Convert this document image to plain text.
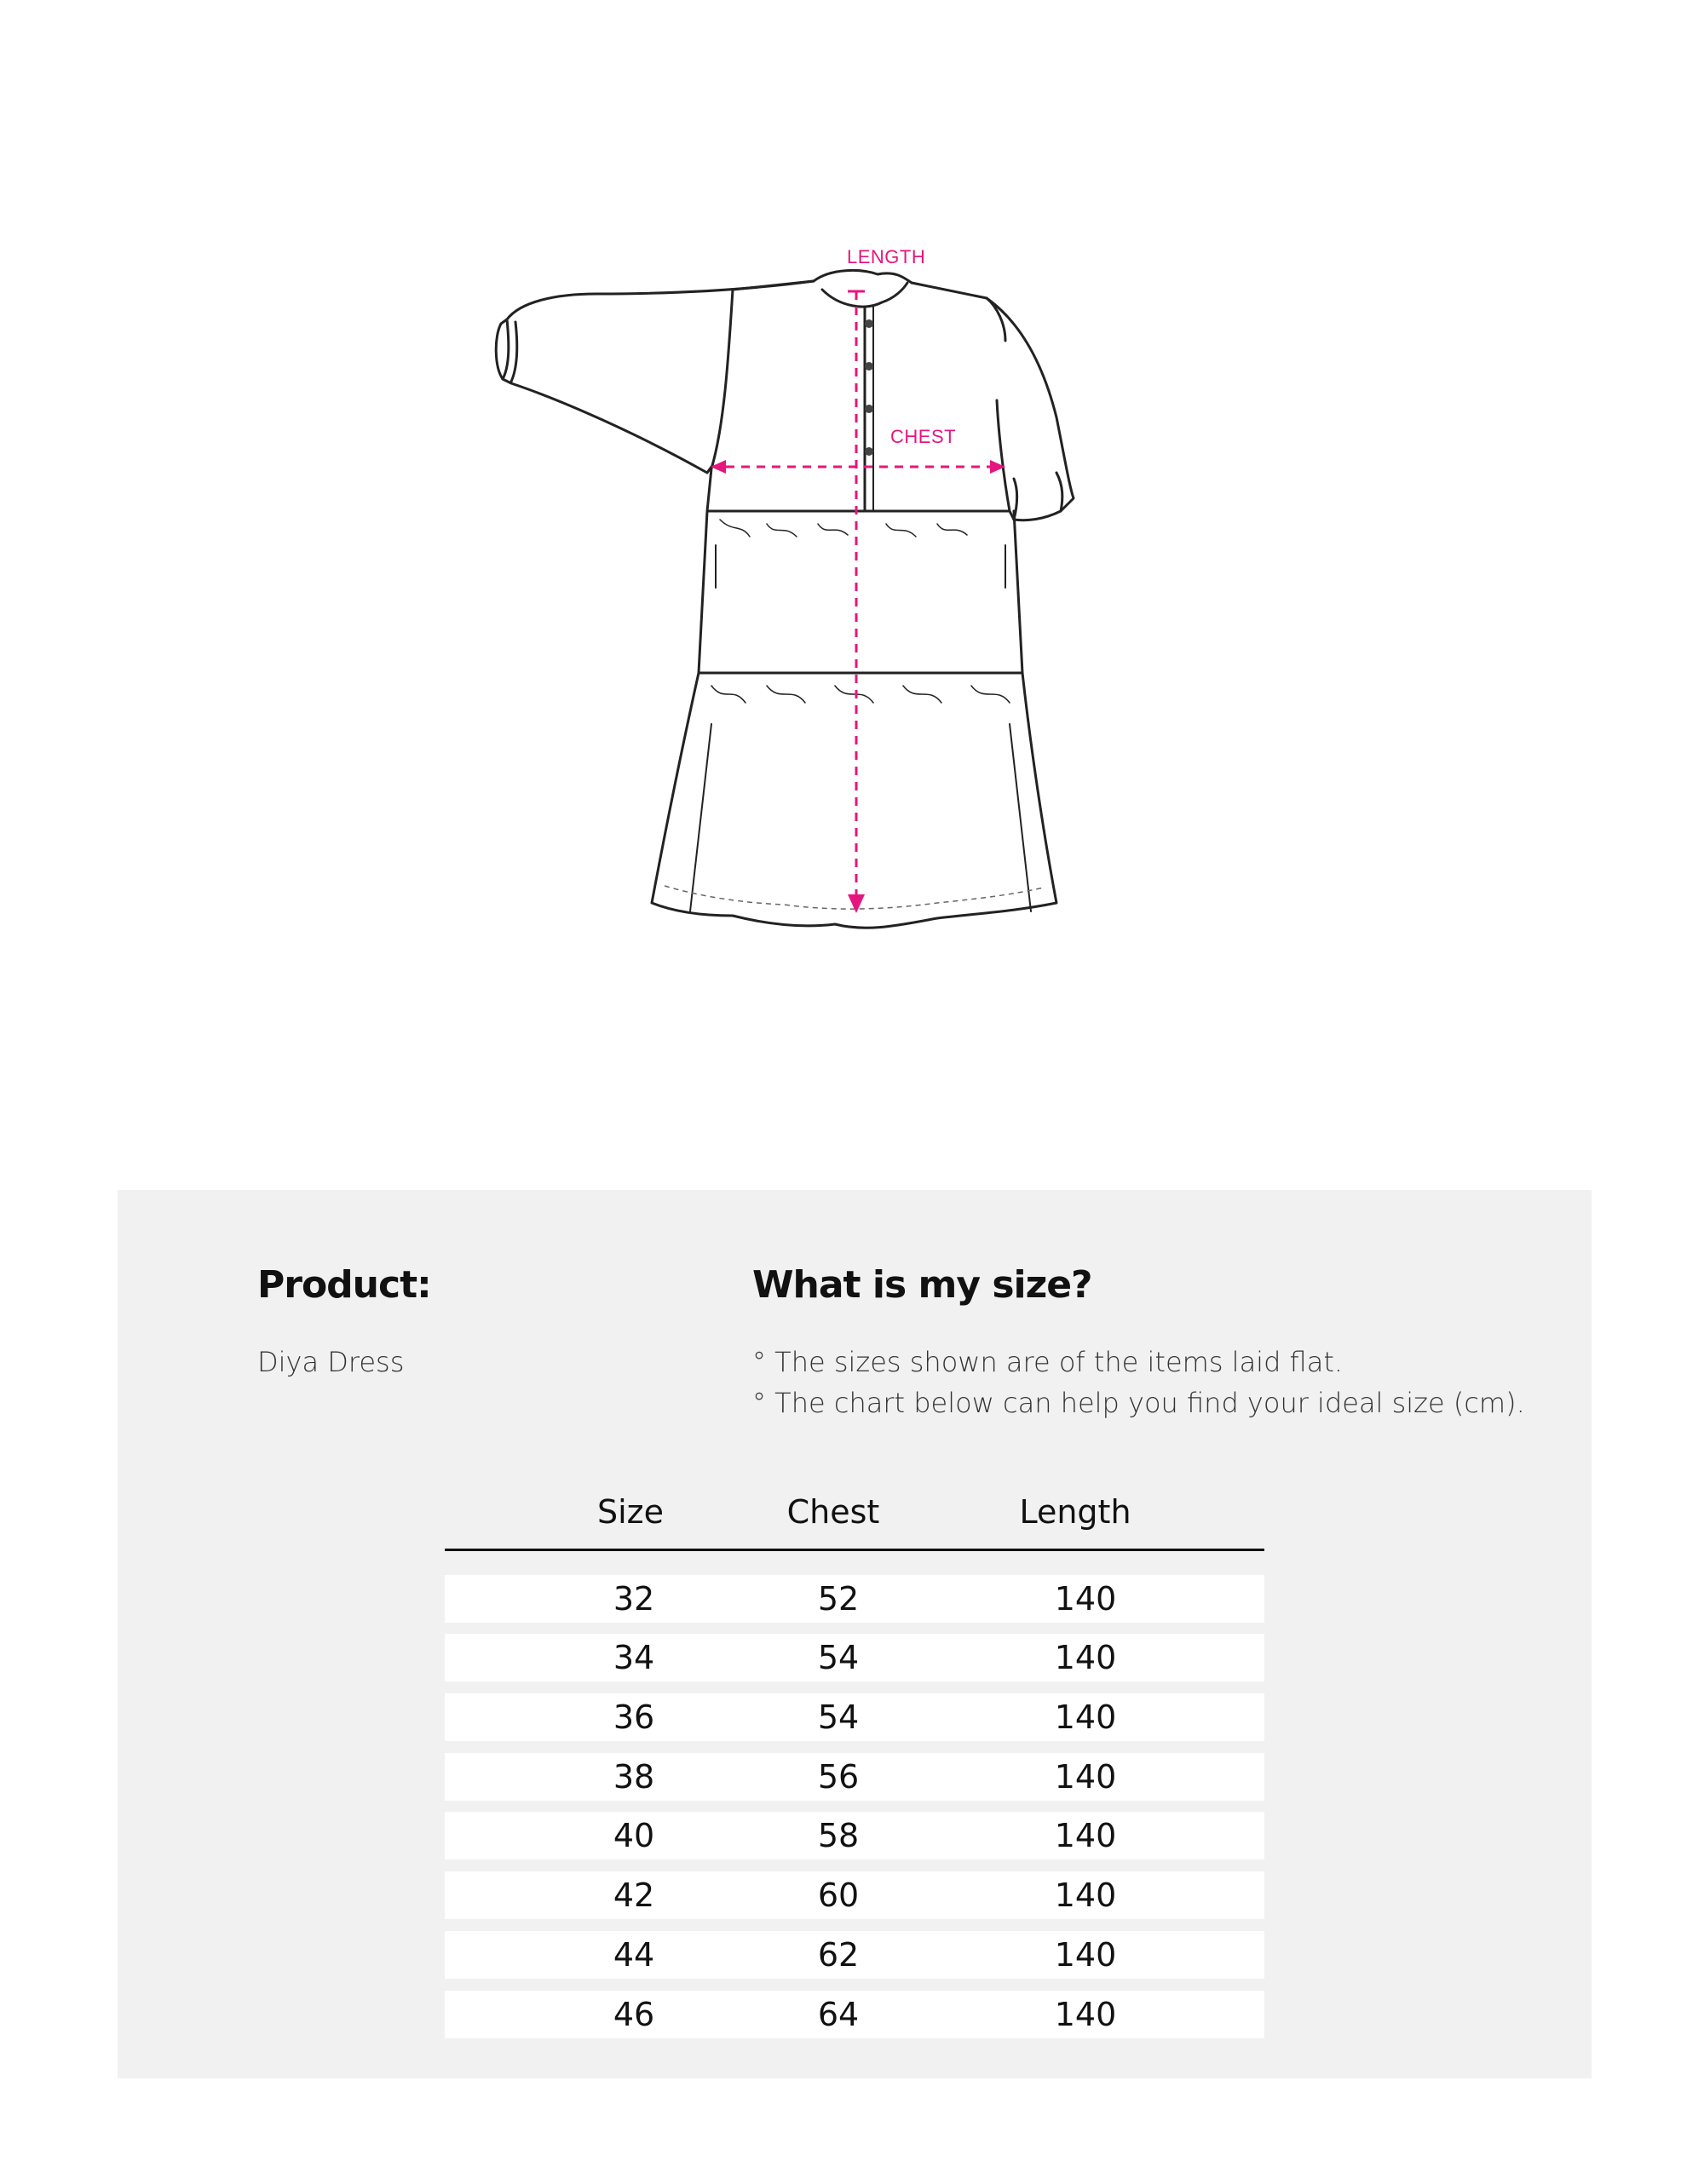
LENGTH
CHEST
Product:
Diya Dress
What is my size?
° The sizes shown are of the items laid flat.
° The chart below can help you find your ideal size (cm).
Size	Chest	Length
32	52	140
34	54	140
36	54	140
38	56	140
40	58	140
42	60	140
44	62	140
46	64	140
